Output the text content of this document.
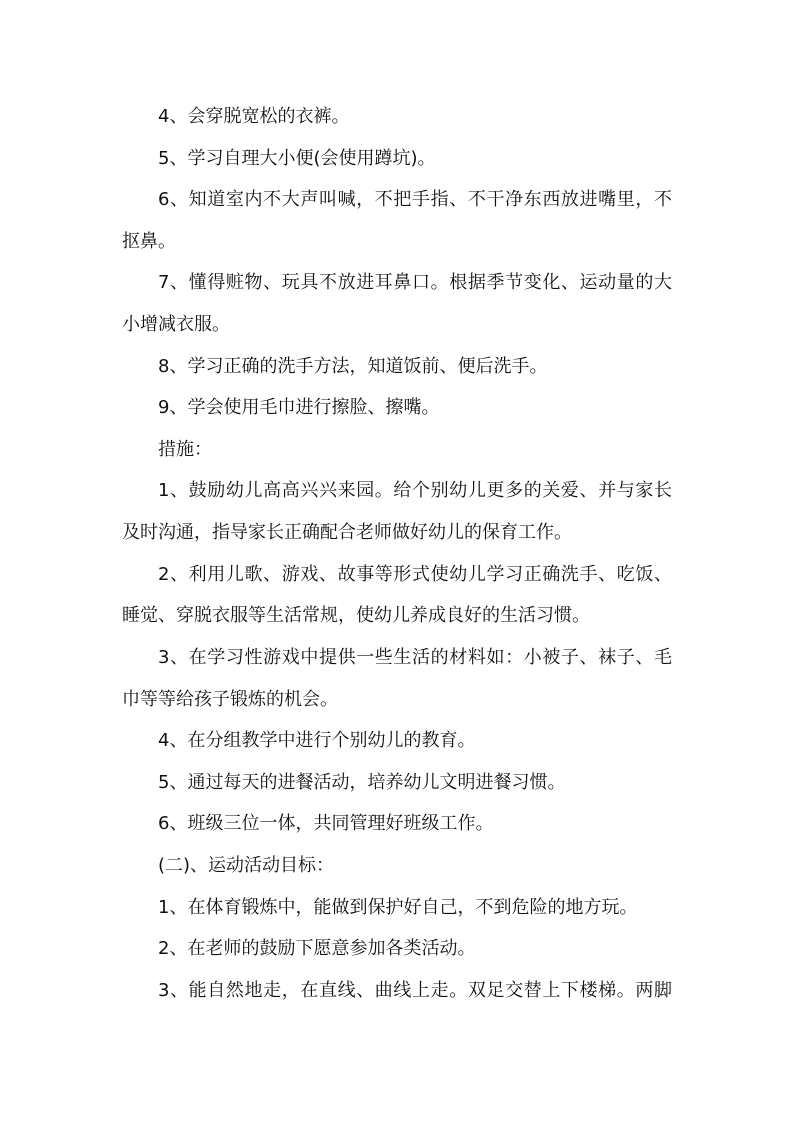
4、会穿脱宽松的衣裤。
5、学习自理大小便(会使用蹲坑)。
6、知道室内不大声叫喊，不把手指、不干净东西放进嘴里，不
抠鼻。
7、懂得赃物、玩具不放进耳鼻口。根据季节变化、运动量的大
小增减衣服。
8、学习正确的洗手方法，知道饭前、便后洗手。
9、学会使用毛巾进行擦脸、擦嘴。
措施：
1、鼓励幼儿高高兴兴来园。给个别幼儿更多的关爱、并与家长
及时沟通，指导家长正确配合老师做好幼儿的保育工作。
2、利用儿歌、游戏、故事等形式使幼儿学习正确洗手、吃饭、
睡觉、穿脱衣服等生活常规，使幼儿养成良好的生活习惯。
3、在学习性游戏中提供一些生活的材料如：小被子、袜子、毛
巾等等给孩子锻炼的机会。
4、在分组教学中进行个别幼儿的教育。
5、通过每天的进餐活动，培养幼儿文明进餐习惯。
6、班级三位一体，共同管理好班级工作。
(二)、运动活动目标：
1、在体育锻炼中，能做到保护好自己，不到危险的地方玩。
2、在老师的鼓励下愿意参加各类活动。
3、能自然地走，在直线、曲线上走。双足交替上下楼梯。两脚
